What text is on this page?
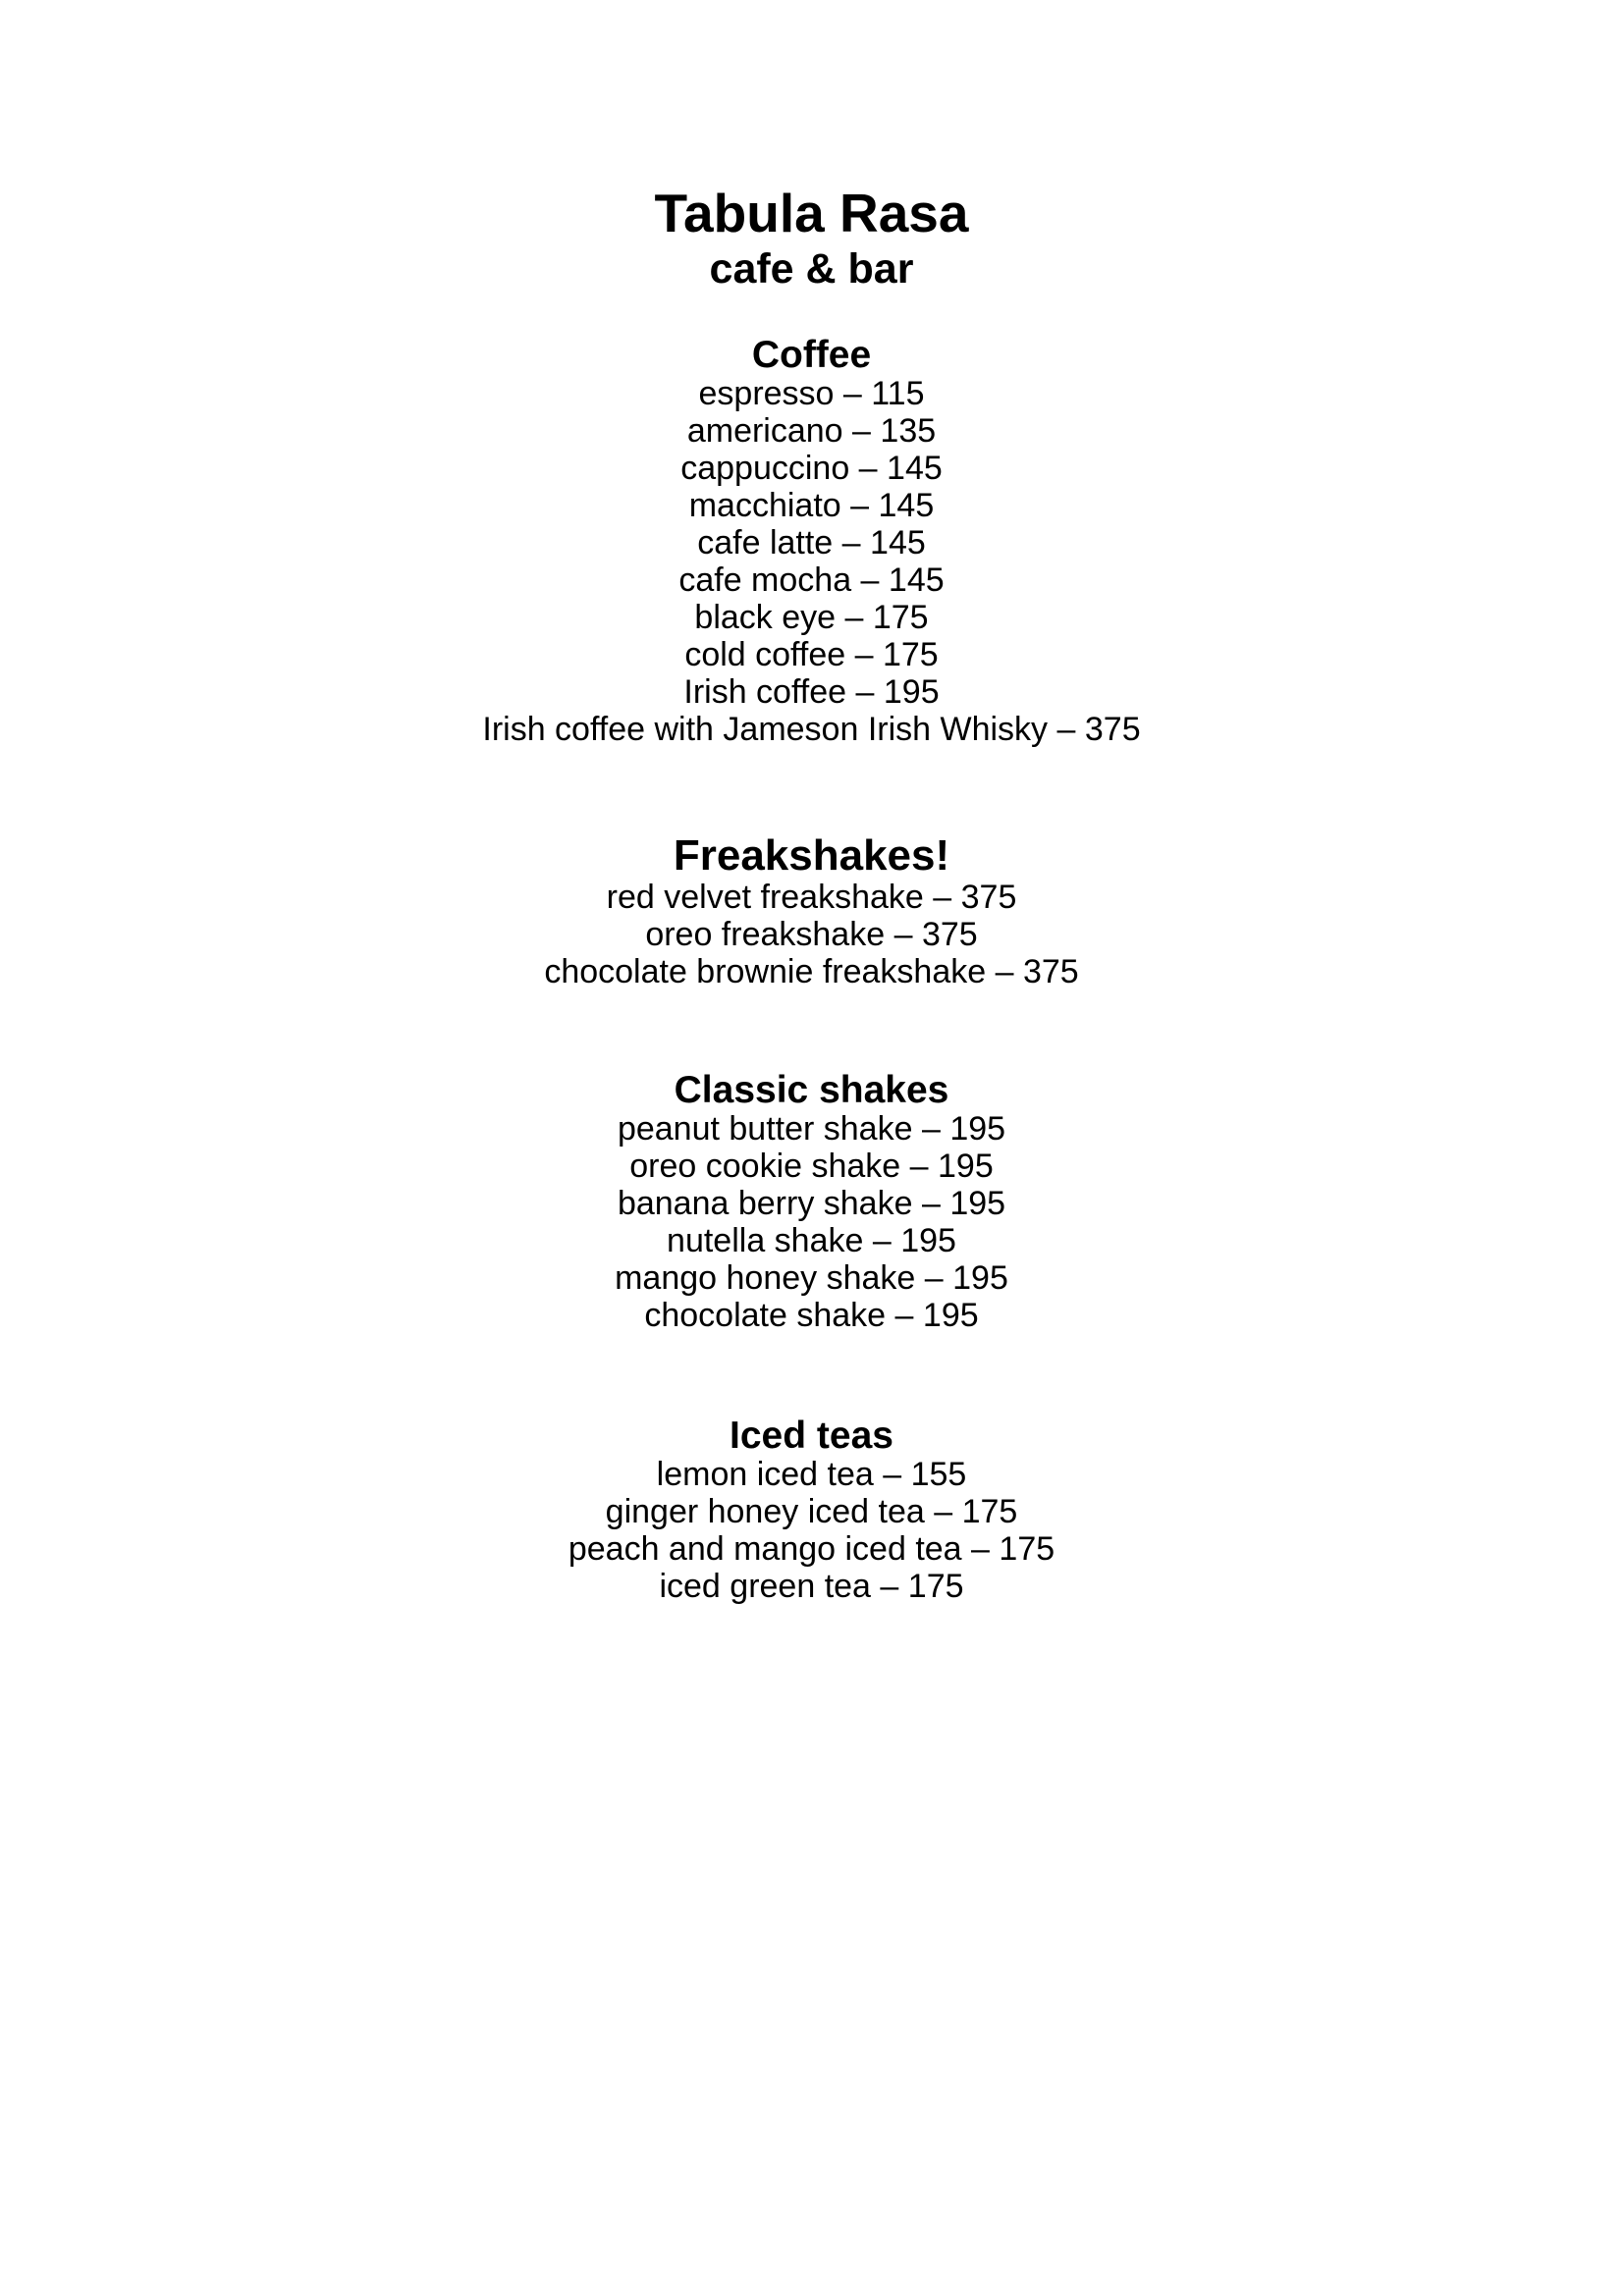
Tabula Rasa
cafe & bar
Coffee
espresso – 115
americano – 135
cappuccino – 145
macchiato – 145
cafe latte – 145
cafe mocha – 145
black eye – 175
cold coffee – 175
Irish coffee – 195
Irish coffee with Jameson Irish Whisky – 375
Freakshakes!
red velvet freakshake – 375
oreo freakshake – 375
chocolate brownie freakshake – 375
Classic shakes
peanut butter shake – 195
oreo cookie shake – 195
banana berry shake – 195
nutella shake – 195
mango honey shake – 195
chocolate shake – 195
Iced teas
lemon iced tea – 155
ginger honey iced tea – 175
peach and mango iced tea – 175
iced green tea – 175
